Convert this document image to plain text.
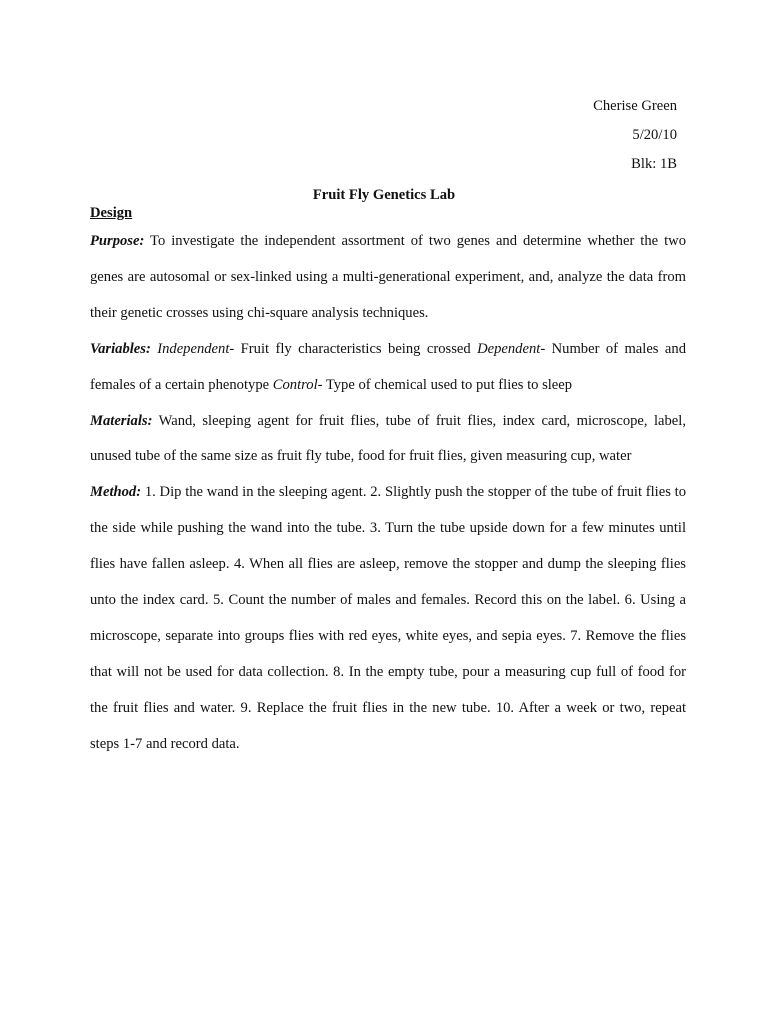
Cherise Green
5/20/10
Blk: 1B
Fruit Fly Genetics Lab
Design

Purpose: To investigate the independent assortment of two genes and determine whether the two genes are autosomal or sex-linked using a multi-generational experiment, and, analyze the data from their genetic crosses using chi-square analysis techniques.

Variables: Independent- Fruit fly characteristics being crossed Dependent- Number of males and females of a certain phenotype Control- Type of chemical used to put flies to sleep

Materials: Wand, sleeping agent for fruit flies, tube of fruit flies, index card, microscope, label, unused tube of the same size as fruit fly tube, food for fruit flies, given measuring cup, water

Method: 1. Dip the wand in the sleeping agent. 2. Slightly push the stopper of the tube of fruit flies to the side while pushing the wand into the tube. 3. Turn the tube upside down for a few minutes until flies have fallen asleep. 4. When all flies are asleep, remove the stopper and dump the sleeping flies unto the index card. 5. Count the number of males and females. Record this on the label. 6. Using a microscope, separate into groups flies with red eyes, white eyes, and sepia eyes. 7. Remove the flies that will not be used for data collection. 8. In the empty tube, pour a measuring cup full of food for the fruit flies and water. 9. Replace the fruit flies in the new tube. 10. After a week or two, repeat steps 1-7 and record data.
